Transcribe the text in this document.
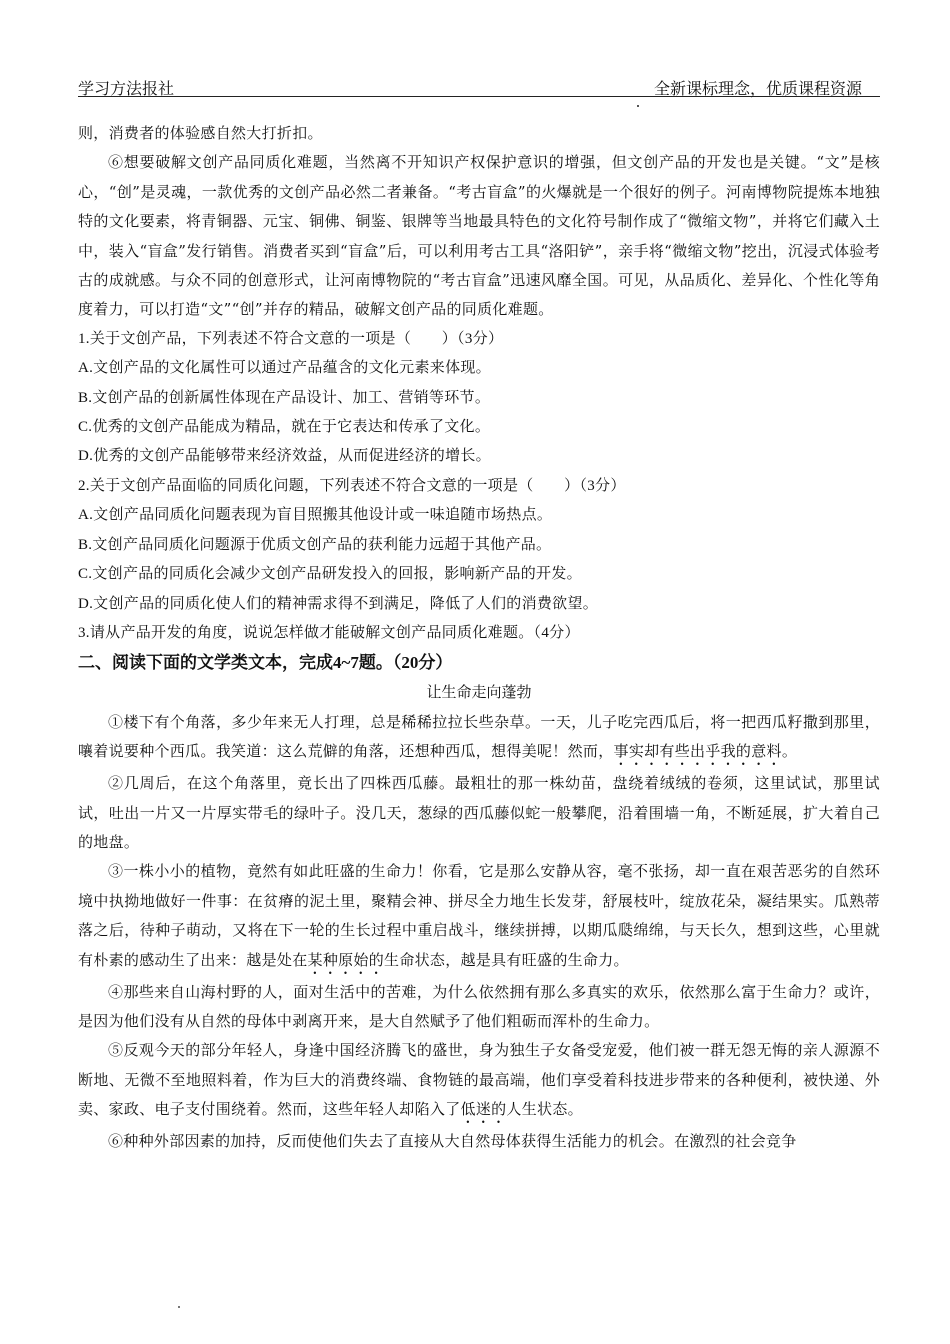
学习方法报社	全新课标理念，优质课程资源

则，消费者的体验感自然大打折扣。

⑥想要破解文创产品同质化难题，当然离不开知识产权保护意识的增强，但文创产品的开发也是关键。“文”是核心，“创”是灵魂，一款优秀的文创产品必然二者兼备。“考古盲盒”的火爆就是一个很好的例子。河南博物院提炼本地独特的文化要素，将青铜器、元宝、铜佛、铜鉴、银牌等当地最具特色的文化符号制作成了“微缩文物”，并将它们藏入土中，装入“盲盒”发行销售。消费者买到“盲盒”后，可以利用考古工具“洛阳铲”，亲手将“微缩文物”挖出，沉浸式体验考古的成就感。与众不同的创意形式，让河南博物院的“考古盲盒”迅速风靡全国。可见，从品质化、差异化、个性化等角度着力，可以打造“文”“创”并存的精品，破解文创产品的同质化难题。

1.关于文创产品，下列表述不符合文意的一项是（　　）（3分）

A.文创产品的文化属性可以通过产品蕴含的文化元素来体现。

B.文创产品的创新属性体现在产品设计、加工、营销等环节。

C.优秀的文创产品能成为精品，就在于它表达和传承了文化。

D.优秀的文创产品能够带来经济效益，从而促进经济的增长。

2.关于文创产品面临的同质化问题，下列表述不符合文意的一项是（　　）（3分）

A.文创产品同质化问题表现为盲目照搬其他设计或一味追随市场热点。

B.文创产品同质化问题源于优质文创产品的获利能力远超于其他产品。

C.文创产品的同质化会减少文创产品研发投入的回报，影响新产品的开发。

D.文创产品的同质化使人们的精神需求得不到满足，降低了人们的消费欲望。

3.请从产品开发的角度，说说怎样做才能破解文创产品同质化难题。（4分）

二、阅读下面的文学类文本，完成4~7题。（20分）

让生命走向蓬勃

①楼下有个角落，多少年来无人打理，总是稀稀拉拉长些杂草。一天，儿子吃完西瓜后，将一把西瓜籽撒到那里，嚷着说要种个西瓜。我笑道：这么荒僻的角落，还想种西瓜，想得美呢！然而，事实却有些出乎我的意料。

②几周后，在这个角落里，竟长出了四株西瓜藤。最粗壮的那一株幼苗，盘绕着绒绒的卷须，这里试试，那里试试，吐出一片又一片厚实带毛的绿叶子。没几天，葱绿的西瓜藤似蛇一般攀爬，沿着围墙一角，不断延展，扩大着自己的地盘。

③一株小小的植物，竟然有如此旺盛的生命力！你看，它是那么安静从容，毫不张扬，却一直在艰苦恶劣的自然环境中执拗地做好一件事：在贫瘠的泥土里，聚精会神、拼尽全力地生长发芽，舒展枝叶，绽放花朵，凝结果实。瓜熟蒂落之后，待种子萌动，又将在下一轮的生长过程中重启战斗，继续拼搏，以期瓜瓞绵绵，与天长久，想到这些，心里就有朴素的感动生了出来：越是处在某种原始的生命状态，越是具有旺盛的生命力。

④那些来自山海村野的人，面对生活中的苦难，为什么依然拥有那么多真实的欢乐，依然那么富于生命力？或许，是因为他们没有从自然的母体中剥离开来，是大自然赋予了他们粗砺而浑朴的生命力。

⑤反观今天的部分年轻人，身逢中国经济腾飞的盛世，身为独生子女备受宠爱，他们被一群无怨无悔的亲人源源不断地、无微不至地照料着，作为巨大的消费终端、食物链的最高端，他们享受着科技进步带来的各种便利，被快递、外卖、家政、电子支付围绕着。然而，这些年轻人却陷入了低迷的人生状态。

⑥种种外部因素的加持，反而使他们失去了直接从大自然母体获得生活能力的机会。在激烈的社会竞争
